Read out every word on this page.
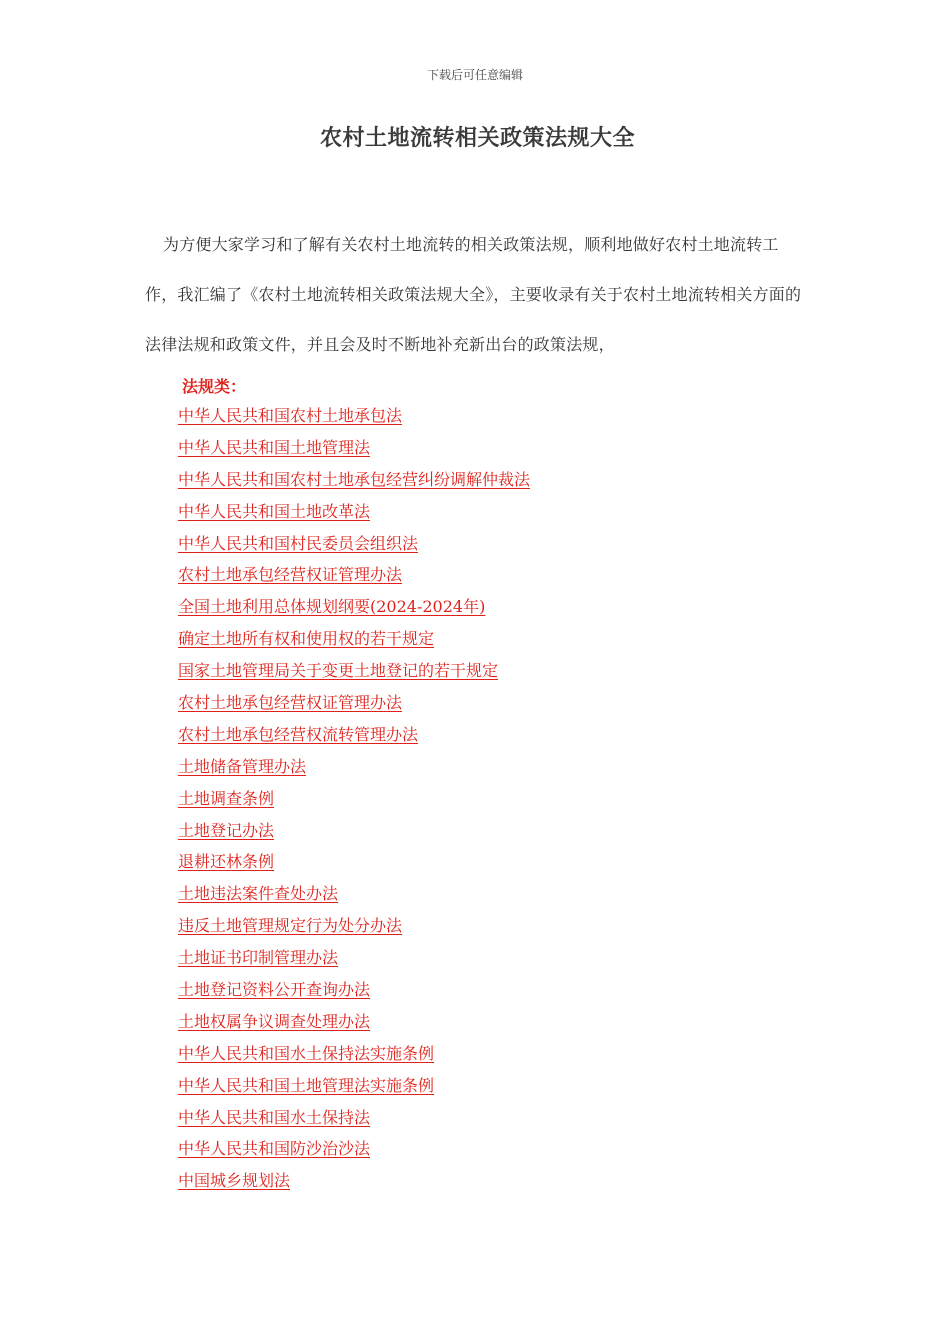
下载后可任意编辑
农村土地流转相关政策法规大全
为方便大家学习和了解有关农村土地流转的相关政策法规，顺利地做好农村土地流转工作，我汇编了《农村土地流转相关政策法规大全》，主要收录有关于农村土地流转相关方面的法律法规和政策文件，并且会及时不断地补充新出台的政策法规，
法规类：
中华人民共和国农村土地承包法
中华人民共和国土地管理法
中华人民共和国农村土地承包经营纠纷调解仲裁法
中华人民共和国土地改革法
中华人民共和国村民委员会组织法
农村土地承包经营权证管理办法
全国土地利用总体规划纲要(2024-2024年)
确定土地所有权和使用权的若干规定
国家土地管理局关于变更土地登记的若干规定
农村土地承包经营权证管理办法
农村土地承包经营权流转管理办法
土地储备管理办法
土地调查条例
土地登记办法
退耕还林条例
土地违法案件查处办法
违反土地管理规定行为处分办法
土地证书印制管理办法
土地登记资料公开查询办法
土地权属争议调查处理办法
中华人民共和国水土保持法实施条例
中华人民共和国土地管理法实施条例
中华人民共和国水土保持法
中华人民共和国防沙治沙法
中国城乡规划法
